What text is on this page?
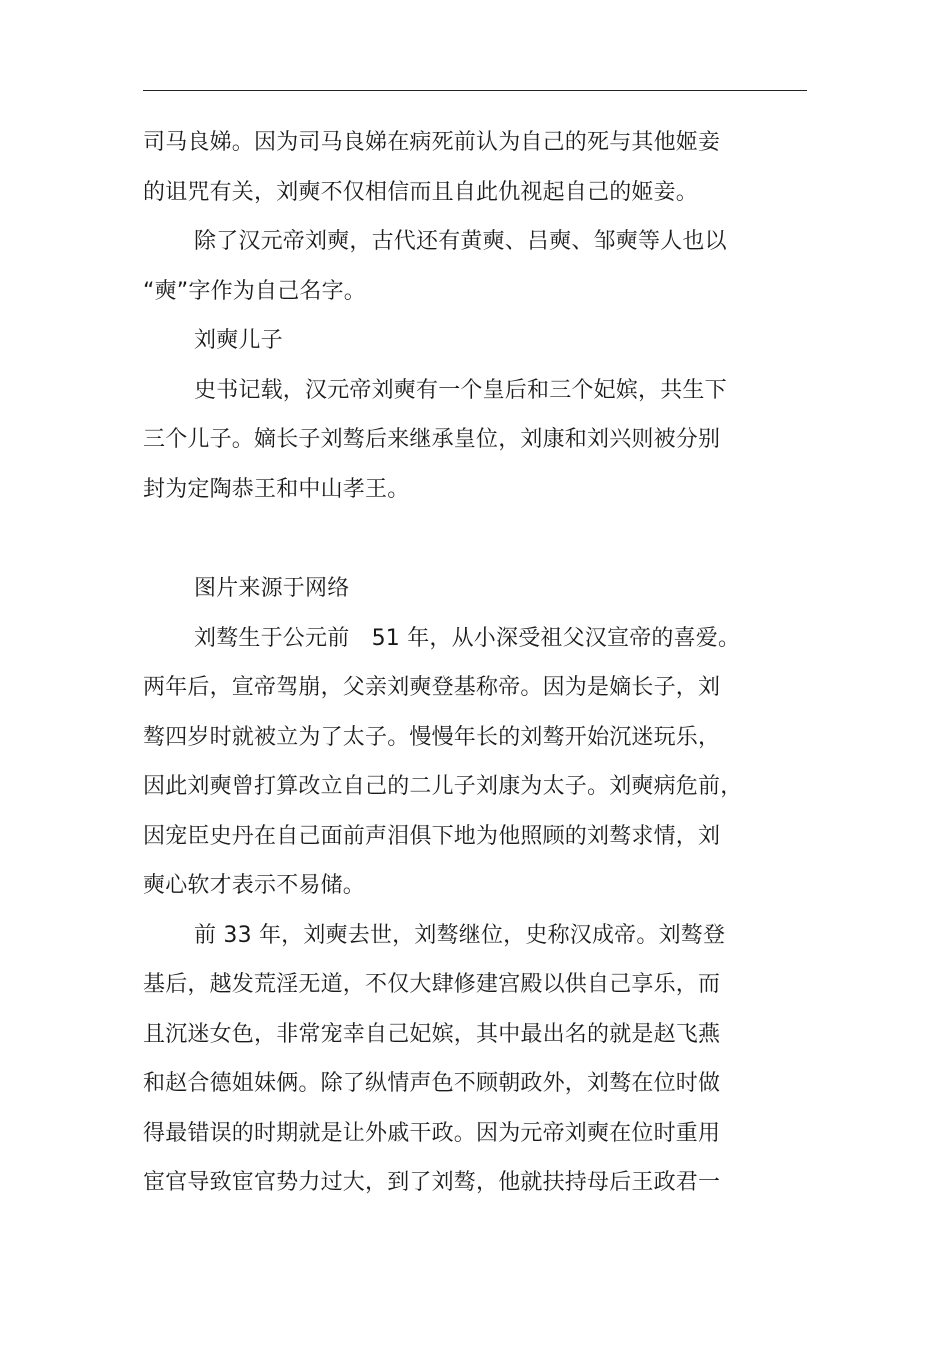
司马良娣。因为司马良娣在病死前认为自己的死与其他姬妾
的诅咒有关，刘奭不仅相信而且自此仇视起自己的姬妾。
除了汉元帝刘奭，古代还有黄奭、吕奭、邹奭等人也以
“奭”字作为自己名字。
刘奭儿子
史书记载，汉元帝刘奭有一个皇后和三个妃嫔，共生下
三个儿子。嫡长子刘骜后来继承皇位，刘康和刘兴则被分别
封为定陶恭王和中山孝王。
图片来源于网络
刘骜生于公元前　51 年，从小深受祖父汉宣帝的喜爱。
两年后，宣帝驾崩，父亲刘奭登基称帝。因为是嫡长子，刘
骜四岁时就被立为了太子。慢慢年长的刘骜开始沉迷玩乐，
因此刘奭曾打算改立自己的二儿子刘康为太子。刘奭病危前，
因宠臣史丹在自己面前声泪俱下地为他照顾的刘骜求情，刘
奭心软才表示不易储。
前 33 年，刘奭去世，刘骜继位，史称汉成帝。刘骜登
基后，越发荒淫无道，不仅大肆修建宫殿以供自己享乐，而
且沉迷女色，非常宠幸自己妃嫔，其中最出名的就是赵飞燕
和赵合德姐妹俩。除了纵情声色不顾朝政外，刘骜在位时做
得最错误的时期就是让外戚干政。因为元帝刘奭在位时重用
宦官导致宦官势力过大，到了刘骜，他就扶持母后王政君一
